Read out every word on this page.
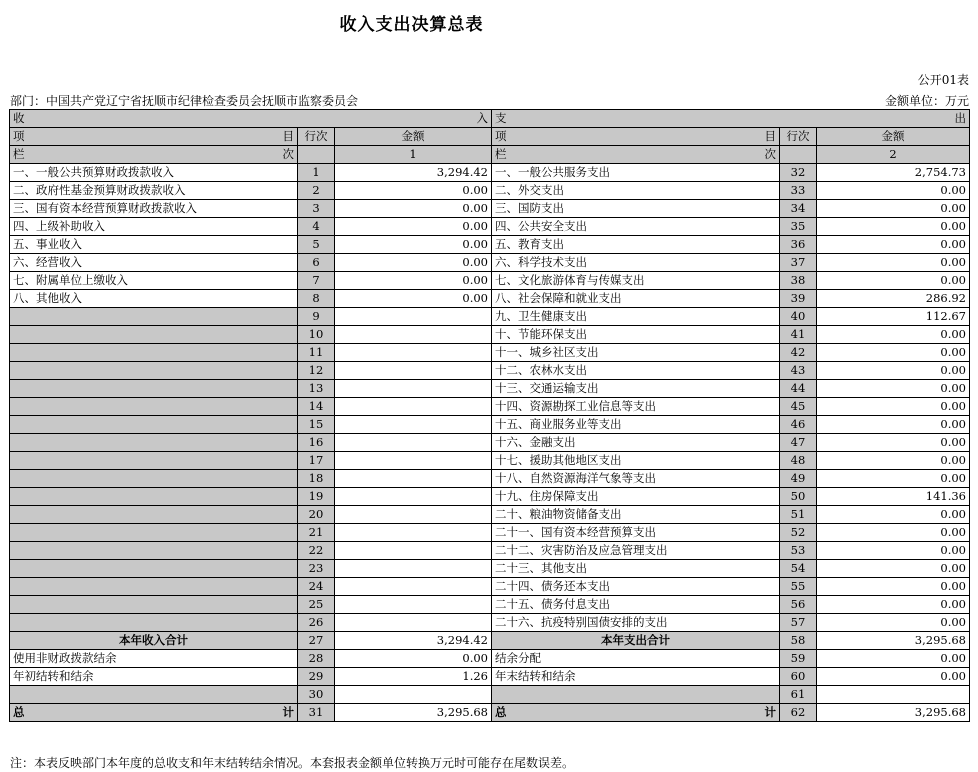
收入支出决算总表
公开01表
部门：中国共产党辽宁省抚顺市纪律检查委员会抚顺市监察委员会	金额单位：万元
收 入			支 出		

项 目	行次	金额	项 目	行次	金额

栏 次		1	栏 次		2
一、一般公共预算财政拨款收入	1	3,294.42	一、一般公共服务支出	32	2,754.73
二、政府性基金预算财政拨款收入	2	0.00	二、外交支出	33	0.00
三、国有资本经营预算财政拨款收入	3	0.00	三、国防支出	34	0.00
四、上级补助收入	4	0.00	四、公共安全支出	35	0.00
五、事业收入	5	0.00	五、教育支出	36	0.00
六、经营收入	6	0.00	六、科学技术支出	37	0.00
七、附属单位上缴收入	7	0.00	七、文化旅游体育与传媒支出	38	0.00
八、其他收入	8	0.00	八、社会保障和就业支出	39	286.92
	9		九、卫生健康支出	40	112.67
	10		十、节能环保支出	41	0.00
	11		十一、城乡社区支出	42	0.00
	12		十二、农林水支出	43	0.00
	13		十三、交通运输支出	44	0.00
	14		十四、资源勘探工业信息等支出	45	0.00
	15		十五、商业服务业等支出	46	0.00
	16		十六、金融支出	47	0.00
	17		十七、援助其他地区支出	48	0.00
	18		十八、自然资源海洋气象等支出	49	0.00
	19		十九、住房保障支出	50	141.36
	20		二十、粮油物资储备支出	51	0.00
	21		二十一、国有资本经营预算支出	52	0.00
	22		二十二、灾害防治及应急管理支出	53	0.00
	23		二十三、其他支出	54	0.00
	24		二十四、债务还本支出	55	0.00
	25		二十五、债务付息支出	56	0.00
	26		二十六、抗疫特别国债安排的支出	57	0.00
本年收入合计	27	3,294.42	本年支出合计	58	3,295.68
使用非财政拨款结余	28	0.00	结余分配	59	0.00
年初结转和结余	29	1.26	年末结转和结余	60	0.00
	30			61	

总 计	31	3,295.68	总 计	62	3,295.68
注：本表反映部门本年度的总收支和年末结转结余情况。本套报表金额单位转换万元时可能存在尾数误差。
